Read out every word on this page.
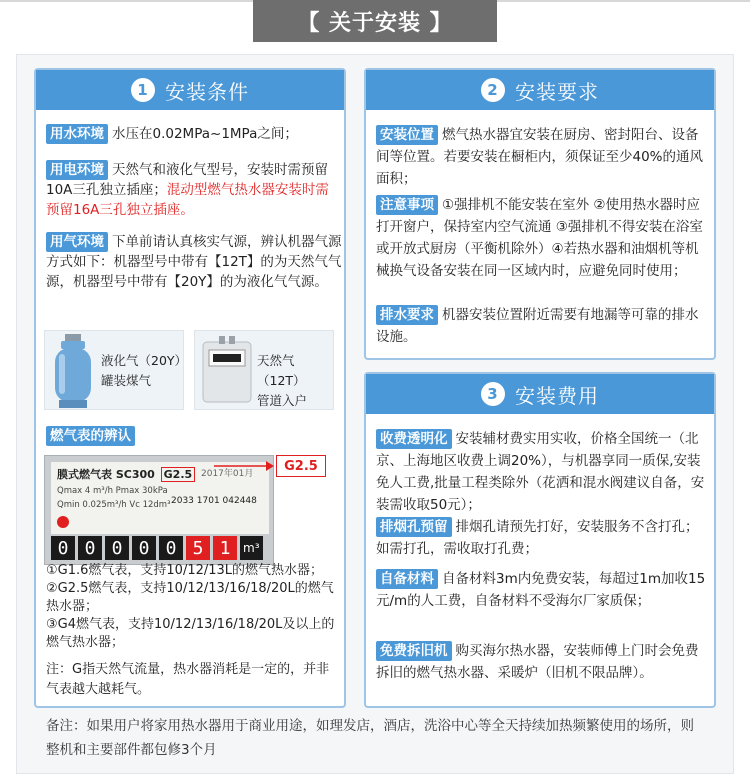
【 关于安装 】
1 安装条件
用水环境 水压在0.02MPa~1MPa之间；
用电环境 天然气和液化气型号，安装时需预留10A三孔独立插座；混动型燃气热水器安装时需预留16A三孔独立插座。
用气环境 下单前请认真核实气源，辨认机器气源方式如下：机器型号中带有【12T】的为天然气气源，机器型号中带有【20Y】的为液化气气源。
液化气（20Y）
罐装煤气
天然气（12T）
管道入户
燃气表的辨认
膜式燃气表 SC300 G2.5 2017年01月
Qmax 4 m³/h Pmax 30kPa
Qmin 0.025m³/h Vc 12dm³ 2033 1701 042448
0 0 0 0 0 5 1	m³
G2.5
①G1.6燃气表，支持10/12/13L的燃气热水器；
②G2.5燃气表，支持10/12/13/16/18/20L的燃气热水器；
③G4燃气表，支持10/12/13/16/18/20L及以上的燃气热水器；
注：G指天然气流量，热水器消耗是一定的，并非气表越大越耗气。
2 安装要求
安装位置 燃气热水器宜安装在厨房、密封阳台、设备间等位置。若要安装在橱柜内，须保证至少40%的通风面积；
注意事项 ①强排机不能安装在室外 ②使用热水器时应打开窗户，保持室内空气流通 ③强排机不得安装在浴室或开放式厨房（平衡机除外）④若热水器和油烟机等机械换气设备安装在同一区域内时，应避免同时使用；
排水要求 机器安装位置附近需要有地漏等可靠的排水设施。
3 安装费用
收费透明化 安装辅材费实用实收，价格全国统一（北京、上海地区收费上调20%），与机器享同一质保,安装免人工费,批量工程类除外（花洒和混水阀建议自备，安装需收取50元）；
排烟孔预留 排烟孔请预先打好，安装服务不含打孔；如需打孔，需收取打孔费；
自备材料 自备材料3m内免费安装，每超过1m加收15元/m的人工费，自备材料不受海尔厂家质保；
免费拆旧机 购买海尔热水器，安装师傅上门时会免费拆旧的燃气热水器、采暖炉（旧机不限品牌）。
备注：如果用户将家用热水器用于商业用途，如理发店，酒店，洗浴中心等全天持续加热频繁使用的场所，则整机和主要部件都包修3个月
